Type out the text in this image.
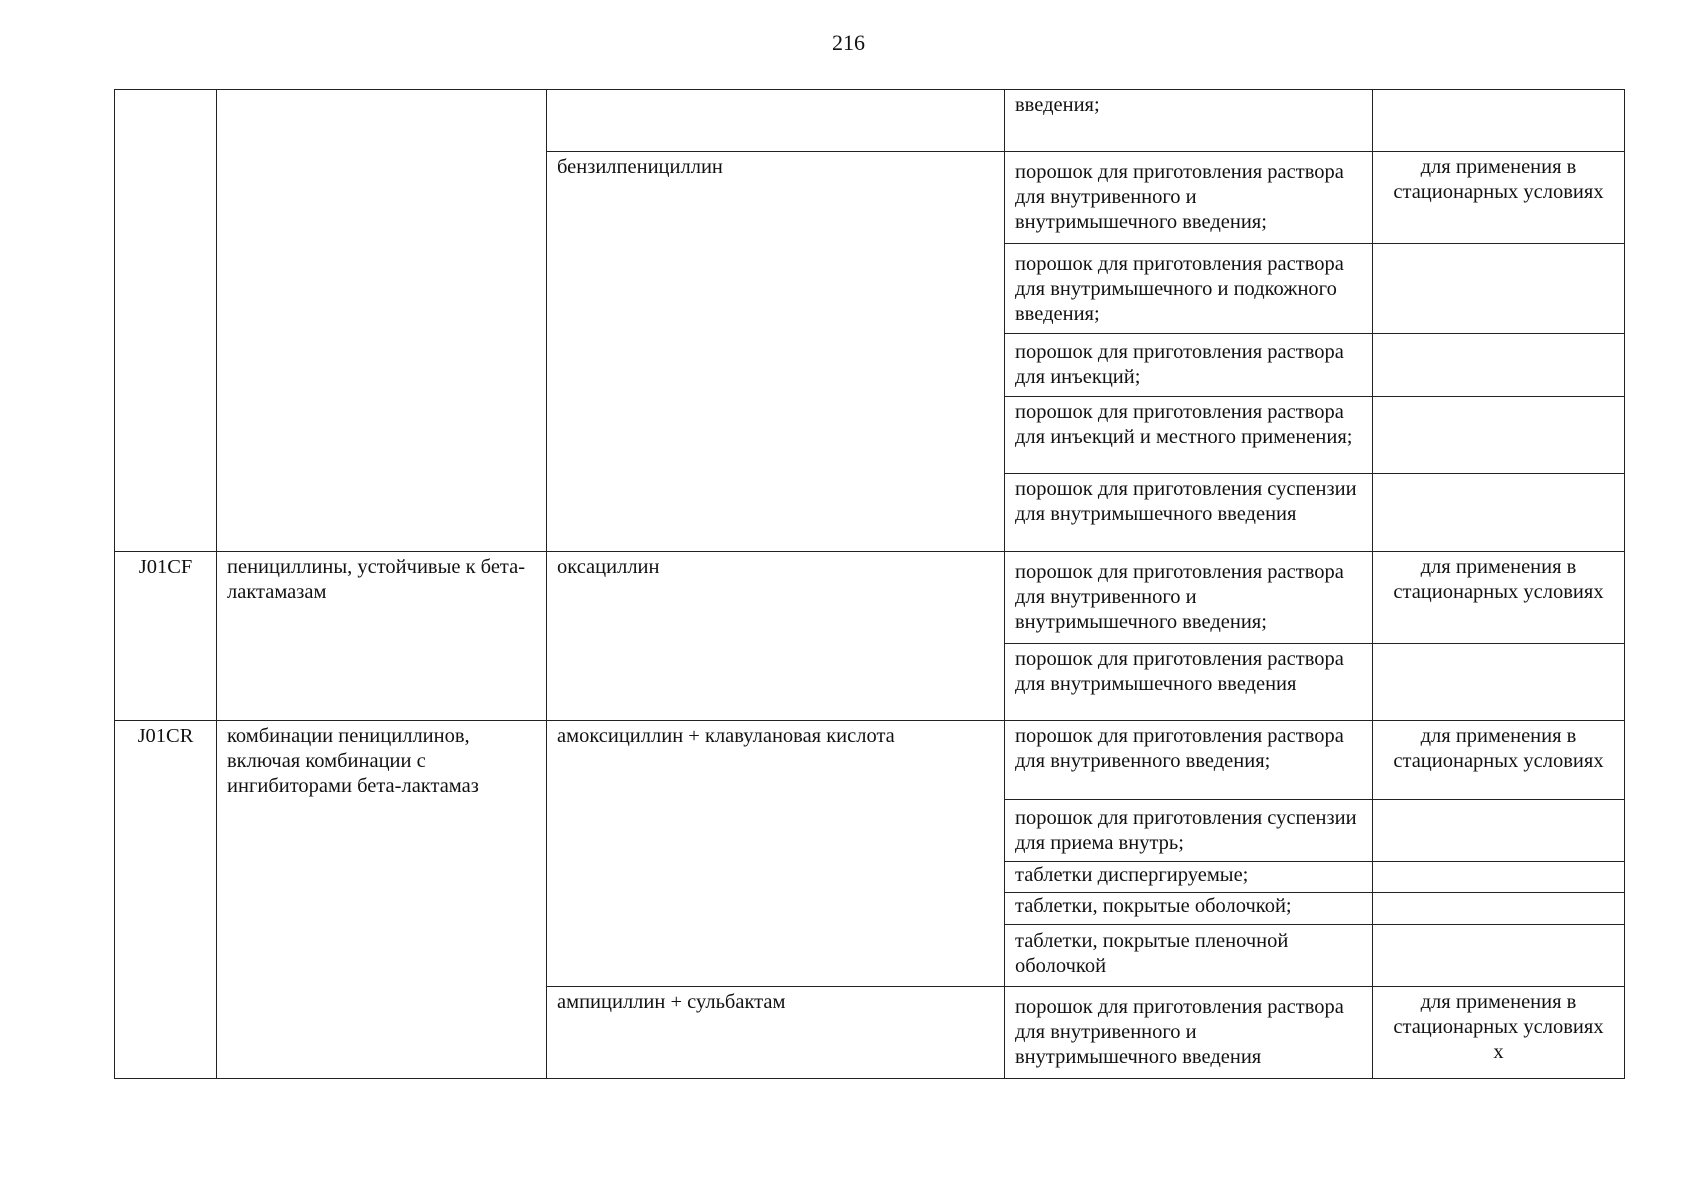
216
			введения;	
		бензилпенициллин	порошок для приготовления раствора для внутривенного и внутримышечного введения;	для применения в
стационарных условиях

			порошок для приготовления раствора для внутримышечного и подкожного введения;	
			порошок для приготовления раствора для инъекций;	
			порошок для приготовления раствора для инъекций и местного применения;	
			порошок для приготовления суспензии для внутримышечного введения	
J01CF	пенициллины, устойчивые к бета-лактамазам	оксациллин	порошок для приготовления раствора для внутривенного и внутримышечного введения;	для применения в
стационарных условиях

			порошок для приготовления раствора для внутримышечного введения	
J01CR	комбинации пенициллинов, включая комбинации с ингибиторами бета-лактамаз	амоксициллин + клавулановая кислота	порошок для приготовления раствора для внутривенного введения;	для применения в
стационарных условиях

			порошок для приготовления суспензии для приема внутрь;	
			таблетки диспергируемые;	
			таблетки, покрытые оболочкой;	
			таблетки, покрытые пленочной оболочкой	
		ампициллин + сульбактам	порошок для приготовления раствора для внутривенного и внутримышечного введения	для применения в
стационарных условиях
х
